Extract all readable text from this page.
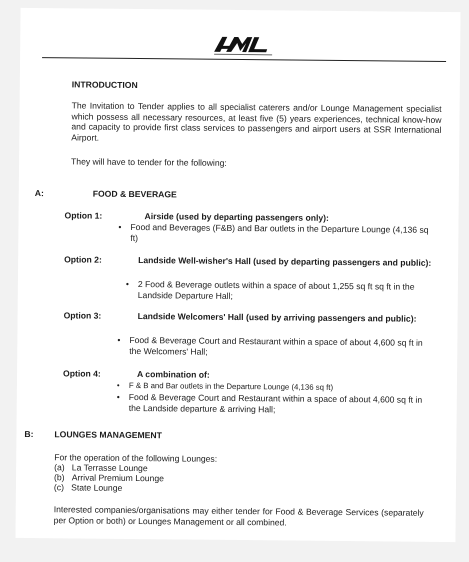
INTRODUCTION
The Invitation to Tender applies to all specialist caterers and/or Lounge Management specialist which possess all necessary resources, at least five (5) years experiences, technical know-how and capacity to provide first class services to passengers and airport users at SSR International Airport.
They will have to tender for the following:
A:	FOOD & BEVERAGE
Option 1:	Airside (used by departing passengers only):
• Food and Beverages (F&B) and Bar outlets in the Departure Lounge (4,136 sq ft)
Option 2:	Landside Well-wisher's Hall (used by departing passengers and public):
• 2 Food & Beverage outlets within a space of about 1,255 sq ft sq ft in the Landside Departure Hall;
Option 3:	Landside Welcomers' Hall (used by arriving passengers and public):
• Food & Beverage Court and Restaurant within a space of about 4,600 sq ft in the Welcomers' Hall;
Option 4:	A combination of:
• F & B and Bar outlets in the Departure Lounge (4,136 sq ft)
• Food & Beverage Court and Restaurant within a space of about 4,600 sq ft in the Landside departure & arriving Hall;
B: LOUNGES MANAGEMENT
For the operation of the following Lounges:
(a) La Terrasse Lounge
(b) Arrival Premium Lounge
(c) State Lounge
Interested companies/organisations may either tender for Food & Beverage Services (separately per Option or both) or Lounges Management or all combined.
